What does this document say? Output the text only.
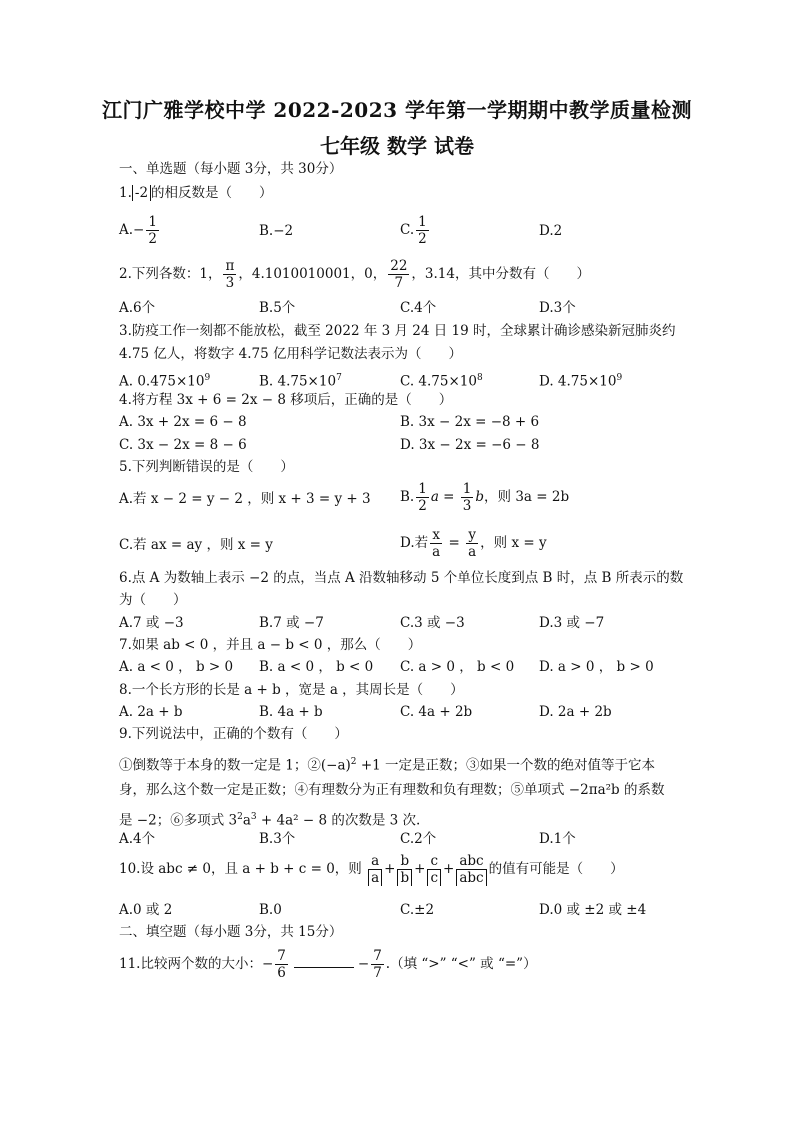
江门广雅学校中学 2022-2023 学年第一学期期中教学质量检测
七年级 数学 试卷
一、单选题（每小题 3分，共 30分）
1. -2 的相反数是（　　）
$A.- \frac{1}{2}$	B.−2	C. $\frac{1}{2}$	D.2
2.下列各数：1， $\frac{\pi}{3}$ ，4.1010010001，0， $\frac{22}{7}$ ，3.14，其中分数有（　　）
A.6个	B.5个	C.4个	D.3个
3.防疫工作一刻都不能放松，截至 2022 年 3 月 24 日 19 时，全球累计确诊感染新冠肺炎约
4.75 亿人，将数字 4.75 亿用科学记数法表示为（　　）
A. $0.475\times 10^9$	B. $4.75\times 10^7$	C. $4.75\times 10^8$	D. $4.75\times 10^9$
4.将方程 3x + 6 = 2x − 8 移项后，正确的是（　　）
A. 3x + 2x = 6 − 8	B. 3x − 2x = −8 + 6
C. 3x − 2x = 8 − 6	D. 3x − 2x = −6 − 8
5.下列判断错误的是（　　）
A.若 x − 2 = y − 2 ，则 x + 3 = y + 3 B. $\frac{1}{2}$ $a = \frac{1}{3}$ b，则 3a = 2b
C.若 ax = ay ，则 x = y	D.若 $\frac{x}{a} = \frac{y}{a}$ ，则 x = y
6.点 A 为数轴上表示 −2 的点，当点 A 沿数轴移动 5 个单位长度到点 B 时，点 B 所表示的数
为（　　）
A.7 或 −3	B.7 或 −7	C.3 或 −3	D.3 或 −7
7.如果 ab < 0 ，并且 a − b < 0 ，那么（　　）
A. a < 0 ， b > 0 B. a < 0 ， b < 0 C. a > 0 ， b < 0 D. a > 0 ， b > 0
8.一个长方形的长是 a + b ，宽是 a ，其周长是（　　）
A. 2a + b	B. 4a + b	C. 4a + 2b	D. 2a + 2b
9.下列说法中，正确的个数有（　　）
①倒数等于本身的数一定是 1；$②(-a)^2 +1$ 一定是正数；③如果一个数的绝对值等于它本
身，那么这个数一定是正数；④有理数分为正有理数和负有理数；⑤单项式 −2πa²b 的系数
是 −2；⑥多项式 $3^2a^3 + 4a^2 - 8$ 的次数是 3 次.
A.4个	B.3个	C.2个	D.1个
10.设 abc ≠ 0，且 a + b + c = 0，则 $\frac{a}{a} + \frac{b}{b} + \frac{c}{c} + \frac{\text{abc}}{\text{abc}}$ 的值有可能是（　　）
A.0 或 2	B.0	C.±2	D.0 或 ±2 或 ±4
二、填空题（每小题 3分，共 15分）
11.比较两个数的大小：− $\frac{7}{6}$	− $\frac{7}{7}$ .（填 “>” “<” 或 “=”）
